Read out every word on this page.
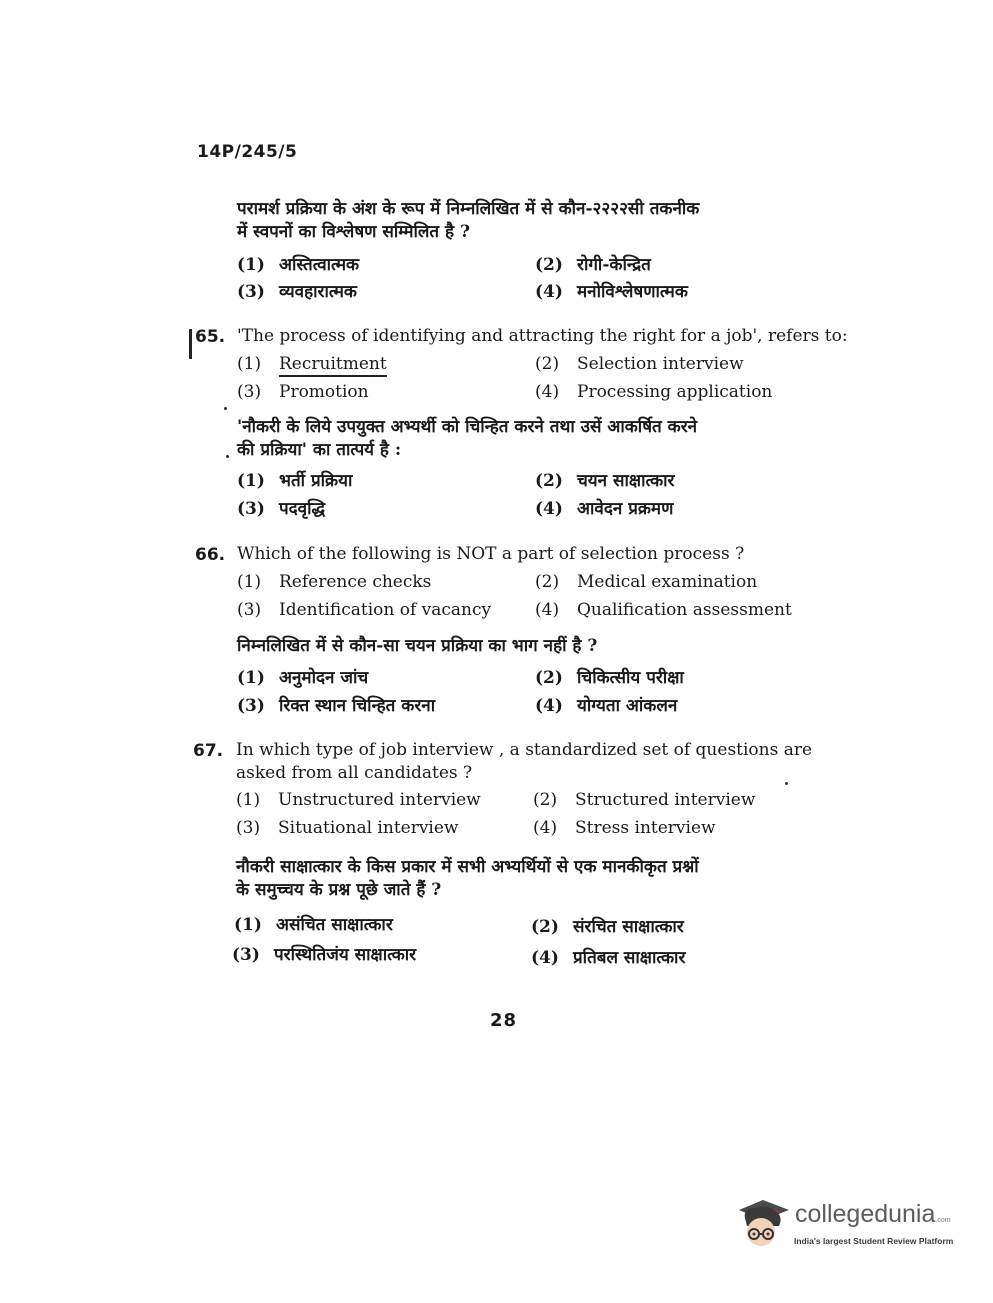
14P/245/5
परामर्श प्रक्रिया के अंश के रूप में निम्नलिखित में से कौन-२२२२सी तकनीक
में स्वपनों का विश्लेषण सम्मिलित है ?
(1) अस्तित्वात्मक	(2) रोगी-केन्द्रित
(3) व्यवहारात्मक	(4) मनोविश्लेषणात्मक
65. 'The process of identifying and attracting the right for a job', refers to:
(1) Recruitment	(2) Selection interview
(3) Promotion	(4) Processing application
'नौकरी के लिये उपयुक्त अभ्यर्थी को चिन्हित करने तथा उसें आकर्षित करने
की प्रक्रिया' का तात्पर्य है :
(1) भर्ती प्रक्रिया	(2) चयन साक्षात्कार
(3) पदवृद्धि	(4) आवेदन प्रक्रमण
66. Which of the following is NOT a part of selection process ?
(1) Reference checks	(2) Medical examination
(3) Identification of vacancy	(4) Qualification assessment
निम्नलिखित में से कौन-सा चयन प्रक्रिया का भाग नहीं है ?
(1) अनुमोदन जांच	(2) चिकित्सीय परीक्षा
(3) रिक्त स्थान चिन्हित करना	(4) योग्यता आंकलन
67. In which type of job interview , a standardized set of questions are
asked from all candidates ?
(1) Unstructured interview	(2) Structured interview
(3) Situational interview	(4) Stress interview
नौकरी साक्षात्कार के किस प्रकार में सभी अभ्यर्थियों से एक मानकीकृत प्रश्नों
के समुच्चय के प्रश्न पूछे जाते हैं ?
(1) असंचित साक्षात्कार	(2) संरचित साक्षात्कार
(3) परस्थितिजंय साक्षात्कार	(4) प्रतिबल साक्षात्कार
28
collegedunia.com
India's largest Student Review Platform
